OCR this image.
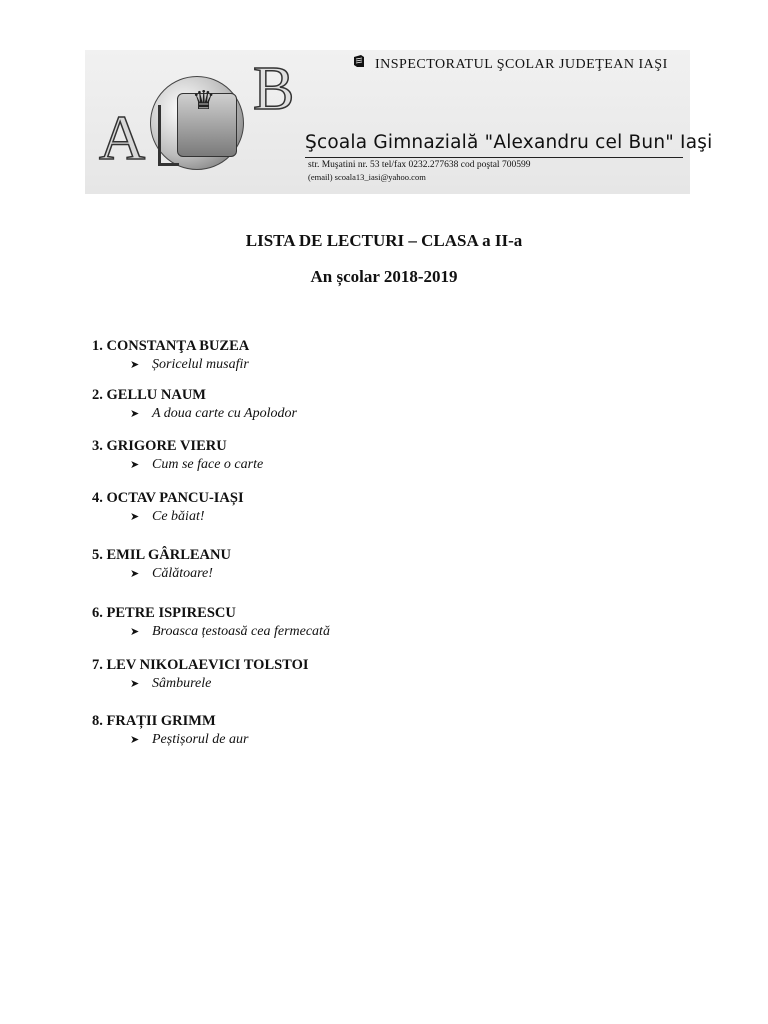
A
♛ B	INSPECTORATUL ŞCOLAR JUDEŢEAN IAŞI
Şcoala Gimnazială "Alexandru cel Bun" Iaşi
str. Muşatini nr. 53 tel/fax 0232.277638 cod poştal 700599
(email) scoala13_iasi@yahoo.com
LISTA DE LECTURI – CLASA a II-a
An școlar 2018-2019
1. CONSTANŢA BUZEA
➤ Șoricelul musafir
2. GELLU NAUM
➤ A doua carte cu Apolodor
3. GRIGORE VIERU
➤ Cum se face o carte
4. OCTAV PANCU-IAȘI
➤ Ce băiat!
5. EMIL GÂRLEANU
➤ Călătoare!
6. PETRE ISPIRESCU
➤ Broasca țestoasă cea fermecată
7. LEV NIKOLAEVICI TOLSTOI
➤ Sâmburele
8. FRAȚII GRIMM
➤ Peștișorul de aur
